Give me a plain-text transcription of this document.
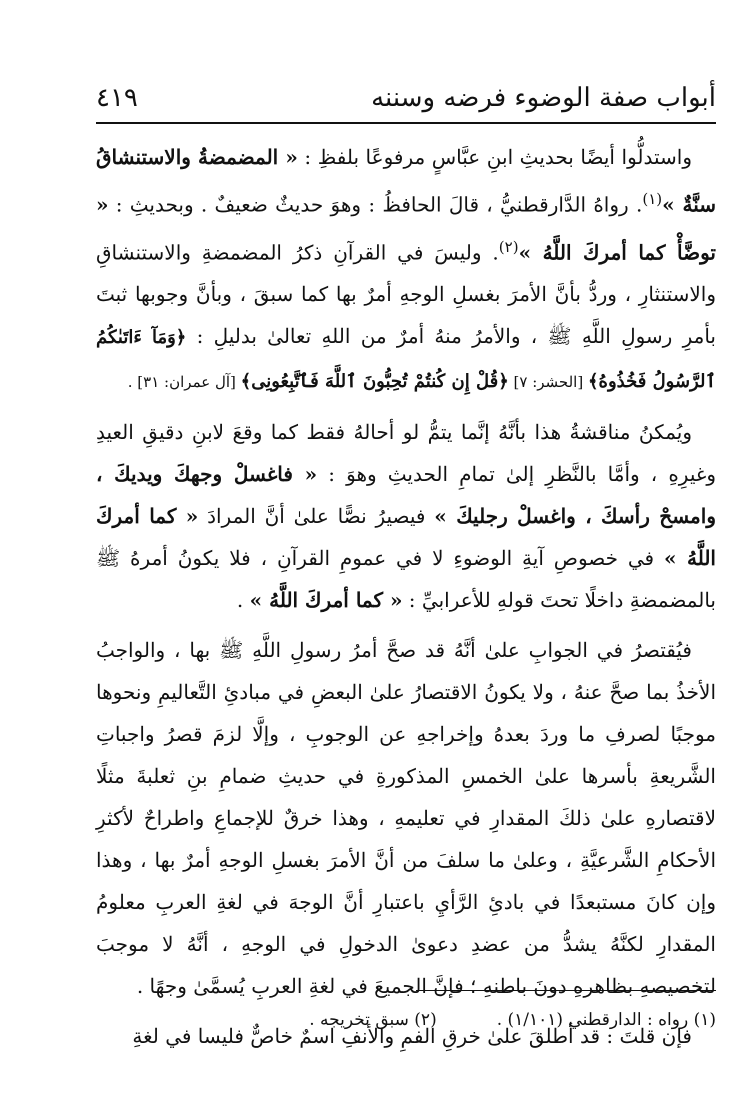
أبواب صفة الوضوء فرضه وسننه
٤١٩

واستدلُّوا أيضًا بحديثِ ابنِ عبَّاسٍ مرفوعًا بلفظِ : « المضمضةُ والاستنشاقُ سنَّةٌ »$^{(١)}$. رواهُ الدَّارقطنيُّ ، قالَ الحافظُ : وهوَ حديثٌ ضعيفٌ . وبحديثِ : « توضَّأْ كما أمركَ اللَّهُ »$^{(٢)}$. وليسَ في القرآنِ ذكرُ المضمضةِ والاستنشاقِ والاستنثارِ ، وردُّ بأنَّ الأمرَ بغسلِ الوجهِ أمرٌ بها كما سبقَ ، وبأنَّ وجوبها ثبتَ بأمرِ رسولِ اللَّهِ ﷺ ، والأمرُ منهُ أمرٌ من اللهِ تعالىٰ بدليلِ : ﴿وَمَآ ءَاتَىٰكُمُ ٱلرَّسُولُ فَخُذُوهُ﴾ [الحشر: ٧] ﴿قُلْ إِن كُنتُمْ تُحِبُّونَ ٱللَّهَ فَٱتَّبِعُونِى﴾ [آل عمران: ٣١] .

ويُمكنُ مناقشةُ هذا بأنَّهُ إنَّما يتمُّ لو أحالهُ فقط كما وقعَ لابنِ دقيقِ العيدِ وغيرِهِ ، وأمَّا بالنَّظرِ إلىٰ تمامِ الحديثِ وهوَ : « فاغسلْ وجهكَ ويديكَ ، وامسحْ رأسكَ ، واغسلْ رجليكَ » فيصيرُ نصًّا علىٰ أنَّ المرادَ « كما أمركَ اللَّهُ » في خصوصِ آيةِ الوضوءِ لا في عمومِ القرآنِ ، فلا يكونُ أمرهُ ﷺ بالمضمضةِ داخلًا تحتَ قولهِ للأعرابيِّ : « كما أمركَ اللَّهُ » .

فيُقتصرُ في الجوابِ علىٰ أنَّهُ قد صحَّ أمرُ رسولِ اللَّهِ ﷺ بها ، والواجبُ الأخذُ بما صحَّ عنهُ ، ولا يكونُ الاقتصارُ علىٰ البعضِ في مبادئِ التَّعاليمِ ونحوها موجبًا لصرفِ ما وردَ بعدهُ وإخراجهِ عن الوجوبِ ، وإلَّا لزمَ قصرُ واجباتِ الشَّريعةِ بأسرها علىٰ الخمسِ المذكورةِ في حديثِ ضمامِ بنِ ثعلبةَ مثلًا لاقتصارهِ علىٰ ذلكَ المقدارِ في تعليمهِ ، وهذا خرقٌ للإجماعِ واطراحٌ لأكثرِ الأحكامِ الشَّرعيَّةِ ، وعلىٰ ما سلفَ من أنَّ الأمرَ بغسلِ الوجهِ أمرٌ بها ، وهذا وإن كانَ مستبعدًا في بادئِ الرَّأيِ باعتبارِ أنَّ الوجهَ في لغةِ العربِ معلومُ المقدارِ لكنَّهُ يشدُّ من عضدِ دعوىٰ الدخولِ في الوجهِ ، أنَّهُ لا موجبَ لتخصيصهِ بظاهرهِ دونَ باطنهِ ؛ فإنَّ الجميعَ في لغةِ العربِ يُسمَّىٰ وجهًا .

فإن قلتَ : قد أطلقَ علىٰ خرقِ الفمِ والأنفِ اسمٌ خاصٌّ فليسا في لغةِ

(١) رواه : الدارقطني (١/١٠١) .
(٢) سبق تخريجه .
